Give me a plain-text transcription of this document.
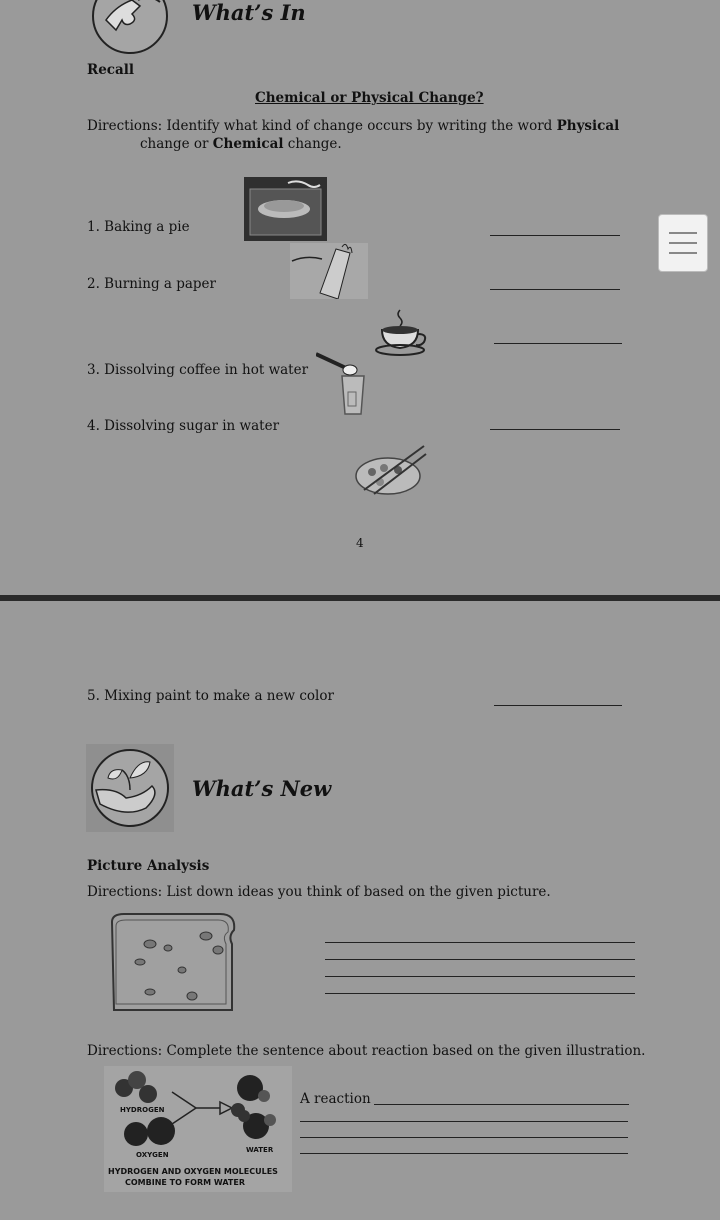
What’s In
Recall
Chemical or Physical Change?
Directions: Identify what kind of change occurs by writing the word Physical
change or Chemical change.
1. Baking a pie
2. Burning a paper
3. Dissolving coffee in hot water
4. Dissolving sugar in water
4
5. Mixing paint to make a new color
What’s New
Picture Analysis
Directions: List down ideas you think of based on the given picture.
Directions: Complete the sentence about reaction based on the given illustration.
HYDROGEN
OXYGEN
WATER
HYDROGEN AND OXYGEN MOLECULES
COMBINE TO FORM WATER
A reaction
